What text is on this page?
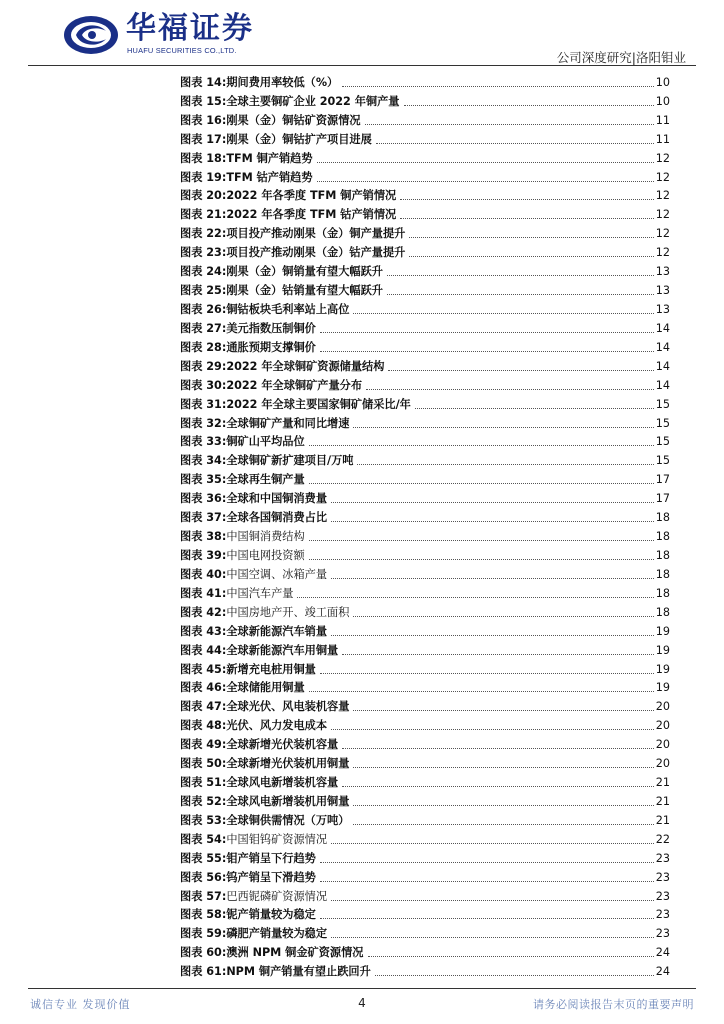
华福证券
HUAFU SECURITIES CO.,LTD.	公司深度研究|洛阳钼业
图表 14: 期间费用率较低（%）	10
图表 15: 全球主要铜矿企业 2022 年铜产量	10
图表 16: 刚果（金）铜钴矿资源情况	11
图表 17: 刚果（金）铜钴扩产项目进展	11
图表 18: TFM 铜产销趋势	12
图表 19: TFM 钴产销趋势	12
图表 20: 2022 年各季度 TFM 铜产销情况	12
图表 21: 2022 年各季度 TFM 钴产销情况	12
图表 22: 项目投产推动刚果（金）铜产量提升	12
图表 23: 项目投产推动刚果（金）钴产量提升	12
图表 24: 刚果（金）铜销量有望大幅跃升	13
图表 25: 刚果（金）钴销量有望大幅跃升	13
图表 26: 铜钴板块毛利率站上高位	13
图表 27: 美元指数压制铜价	14
图表 28: 通胀预期支撑铜价	14
图表 29: 2022 年全球铜矿资源储量结构	14
图表 30: 2022 年全球铜矿产量分布	14
图表 31: 2022 年全球主要国家铜矿储采比/年	15
图表 32: 全球铜矿产量和同比增速	15
图表 33: 铜矿山平均品位	15
图表 34: 全球铜矿新扩建项目/万吨	15
图表 35: 全球再生铜产量	17
图表 36: 全球和中国铜消费量	17
图表 37: 全球各国铜消费占比	18
图表 38: 中国铜消费结构	18
图表 39: 中国电网投资额	18
图表 40: 中国空调、冰箱产量	18
图表 41: 中国汽车产量	18
图表 42: 中国房地产开、竣工面积	18
图表 43: 全球新能源汽车销量	19
图表 44: 全球新能源汽车用铜量	19
图表 45: 新增充电桩用铜量	19
图表 46: 全球储能用铜量	19
图表 47: 全球光伏、风电装机容量	20
图表 48: 光伏、风力发电成本	20
图表 49: 全球新增光伏装机容量	20
图表 50: 全球新增光伏装机用铜量	20
图表 51: 全球风电新增装机容量	21
图表 52: 全球风电新增装机用铜量	21
图表 53: 全球铜供需情况（万吨）	21
图表 54: 中国钼钨矿资源情况	22
图表 55: 钼产销呈下行趋势	23
图表 56: 钨产销呈下滑趋势	23
图表 57: 巴西铌磷矿资源情况	23
图表 58: 铌产销量较为稳定	23
图表 59: 磷肥产销量较为稳定	23
图表 60: 澳洲 NPM 铜金矿资源情况	24
图表 61: NPM 铜产销量有望止跌回升	24
诚信专业 发现价值	4	请务必阅读报告末页的重要声明
